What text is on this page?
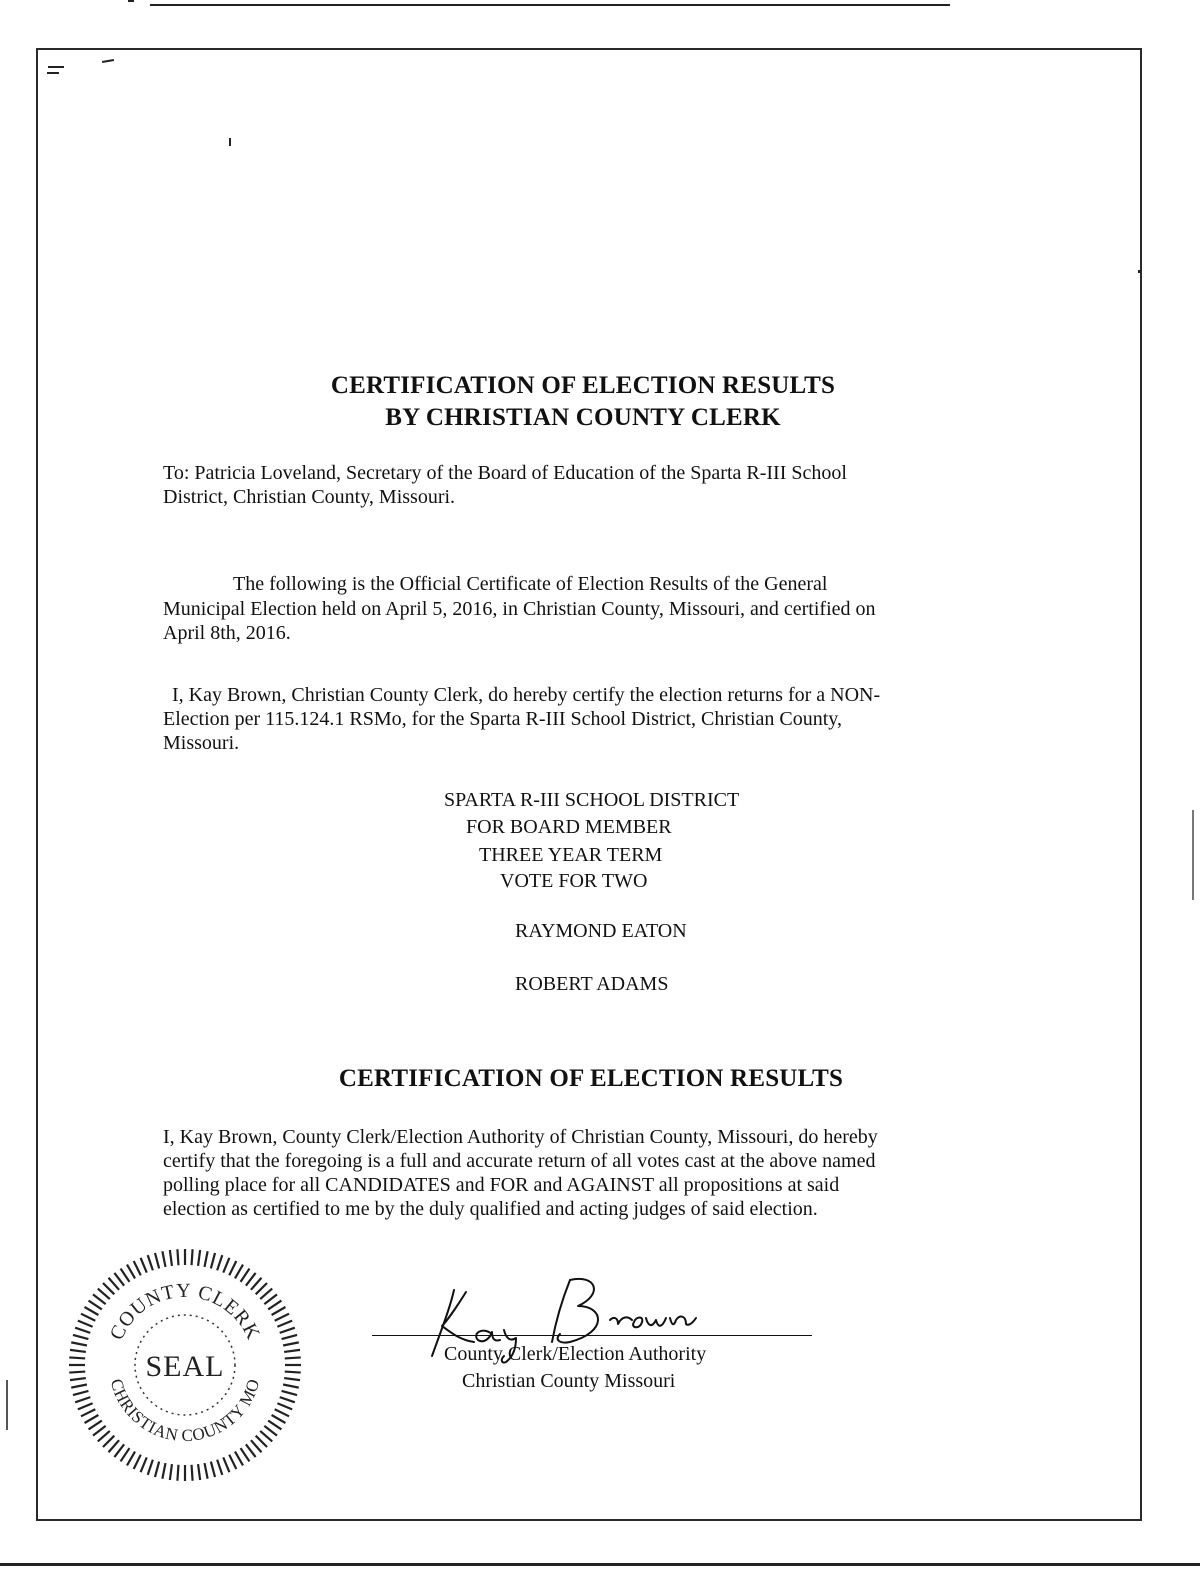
CERTIFICATION OF ELECTION RESULTS
BY CHRISTIAN COUNTY CLERK
To: Patricia Loveland, Secretary of the Board of Education of the Sparta R-III School
District, Christian County, Missouri.
The following is the Official Certificate of Election Results of the General
Municipal Election held on April 5, 2016, in Christian County, Missouri, and certified on
April 8th, 2016.
I, Kay Brown, Christian County Clerk, do hereby certify the election returns for a NON-
Election per 115.124.1 RSMo, for the Sparta R-III School District, Christian County,
Missouri.
SPARTA R-III SCHOOL DISTRICT
FOR BOARD MEMBER
THREE YEAR TERM
VOTE FOR TWO
RAYMOND EATON
ROBERT ADAMS
CERTIFICATION OF ELECTION RESULTS
I, Kay Brown, County Clerk/Election Authority of Christian County, Missouri, do hereby
certify that the foregoing is a full and accurate return of all votes cast at the above named
polling place for all CANDIDATES and FOR and AGAINST all propositions at said
election as certified to me by the duly qualified and acting judges of said election.
COUNTY CLERK
CHRISTIAN COUNTY MO
SEAL	County Clerk/Election Authority
Christian County Missouri
